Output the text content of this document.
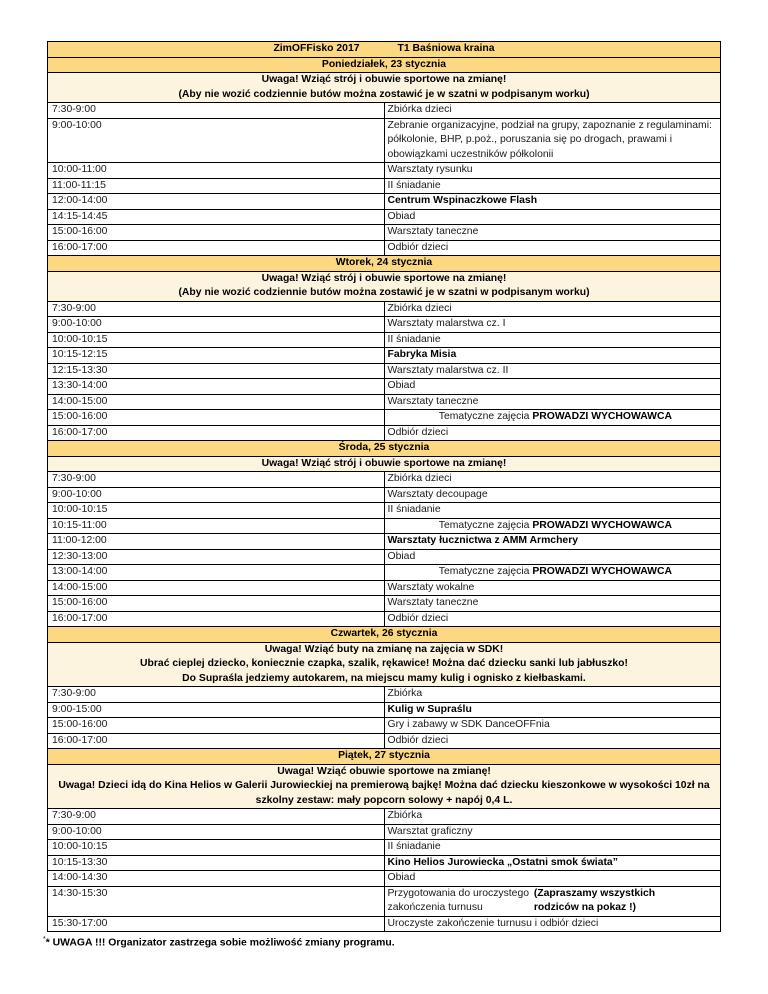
ZimOFFisko 2017 T1 Baśniowa kraina	
Poniedziałek, 23 stycznia	

Uwaga! Wziąć strój i obuwie sportowe na zmianę!
(Aby nie wozić codziennie butów można zostawić je w szatni w podpisanym worku)	

7:30-9:00	Zbiórka dzieci
9:00-10:00	Zebranie organizacyjne, podział na grupy, zapoznanie z regulaminami: półkolonie, BHP, p.poż., poruszania się po drogach, prawami i obowiązkami uczestników półkolonii
10:00-11:00	Warsztaty rysunku
11:00-11:15	II śniadanie
12:00-14:00	Centrum Wspinaczkowe Flash
14:15-14:45	Obiad
15:00-16:00	Warsztaty taneczne
16:00-17:00	Odbiór dzieci
Wtorek, 24 stycznia	

Uwaga! Wziąć strój i obuwie sportowe na zmianę!
(Aby nie wozić codziennie butów można zostawić je w szatni w podpisanym worku)	

7:30-9:00	Zbiórka dzieci
9:00-10:00	Warsztaty malarstwa cz. I
10:00-10:15	II śniadanie
10:15-12:15	Fabryka Misia
12:15-13:30	Warsztaty malarstwa cz. II
13:30-14:00	Obiad
14:00-15:00	Warsztaty taneczne
15:00-16:00	Tematyczne zajęcia PROWADZI WYCHOWAWCA

16:00-17:00	Odbiór dzieci
Środa, 25 stycznia	
Uwaga! Wziąć strój i obuwie sportowe na zmianę!	
7:30-9:00	Zbiórka dzieci
9:00-10:00	Warsztaty decoupage
10:00-10:15	II śniadanie
10:15-11:00	Tematyczne zajęcia PROWADZI WYCHOWAWCA

11:00-12:00	Warsztaty łucznictwa z AMM Armchery
12:30-13:00	Obiad
13:00-14:00	Tematyczne zajęcia PROWADZI WYCHOWAWCA

14:00-15:00	Warsztaty wokalne
15:00-16:00	Warsztaty taneczne
16:00-17:00	Odbiór dzieci
Czwartek, 26 stycznia	

Uwaga! Wziąć buty na zmianę na zajęcia w SDK!
Ubrać cieplej dziecko, koniecznie czapka, szalik, rękawice! Można dać dziecku sanki lub jabłuszko!
Do Supraśla jedziemy autokarem, na miejscu mamy kulig i ognisko z kiełbaskami.	

7:30-9:00	Zbiórka
9:00-15:00	Kulig w Supraślu
15:00-16:00	Gry i zabawy w SDK DanceOFFnia
16:00-17:00	Odbiór dzieci
Piątek, 27 stycznia	

Uwaga! Wziąć obuwie sportowe na zmianę!
Uwaga! Dzieci idą do Kina Helios w Galerii Jurowieckiej na premierową bajkę! Można dać dziecku kieszonkowe w wysokości 10zł na szkolny zestaw: mały popcorn solowy + napój 0,4 L.	

7:30-9:00	Zbiórka
9:00-10:00	Warsztat graficzny
10:00-10:15	II śniadanie
10:15-13:30	Kino Helios Jurowiecka „Ostatni smok świata”
14:00-14:30	Obiad
14:30-15:30	Przygotowania do uroczystego zakończenia turnusu
(Zapraszamy wszystkich rodziców na pokaz !)

15:30-17:00	Uroczyste zakończenie turnusu i odbiór dzieci
** UWAGA !!! Organizator zastrzega sobie możliwość zmiany programu.
